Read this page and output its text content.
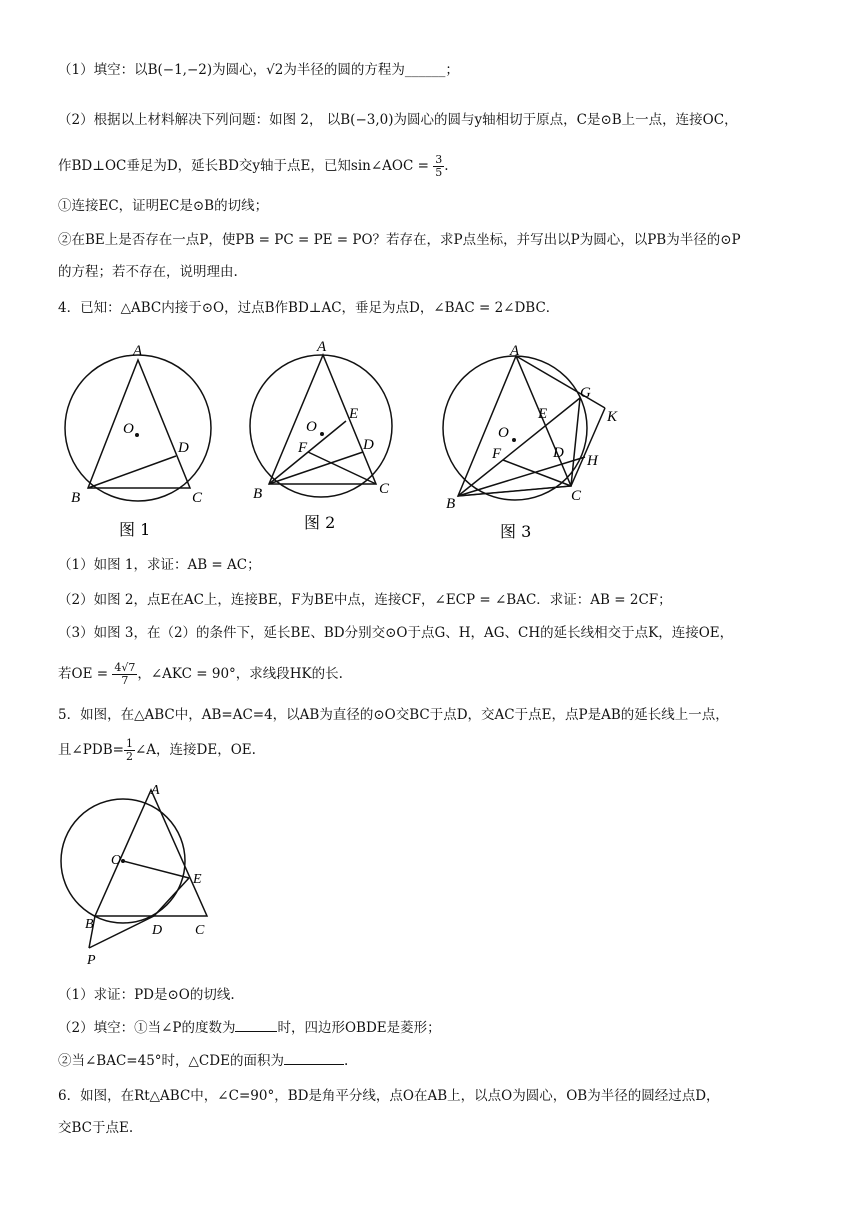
（1）填空：以B(−1,−2)为圆心，√2为半径的圆的方程为______；
（2）根据以上材料解决下列问题：如图 2， 以B(−3,0)为圆心的圆与y轴相切于原点，C是⊙B上一点，连接OC，
作BD⊥OC垂足为D，延长BD交y轴于点E，已知sin∠AOC = $\frac{3}{5}$ .
①连接EC，证明EC是⊙B的切线；
②在BE上是否存在一点P，使PB = PC = PE = PO？若存在，求P点坐标，并写出以P为圆心，以PB为半径的⊙P
的方程；若不存在，说明理由.
4．已知：△ABC内接于⊙O，过点B作BD⊥AC，垂足为点D，∠BAC = 2∠DBC．
A
O
D
B	C
图 1
A
E
O
F	D
B	C
图 2
A
G
K
E
O
F	D H
B	C
图 3
（1）如图 1，求证：AB = AC；
（2）如图 2，点E在AC上，连接BE，F为BE中点，连接CF，∠ECP = ∠BAC．求证：AB = 2CF；
（3）如图 3，在（2）的条件下，延长BE、BD分别交⊙O于点G、H，AG、CH的延长线相交于点K，连接OE，
若OE = $\frac{4√7}{7}$ ，∠AKC = 90°，求线段HK的长.
5．如图，在△ABC中，AB=AC=4，以AB为直径的⊙O交BC于点D，交AC于点E，点P是AB的延长线上一点，
且∠PDB= $\frac{1}{2}$ ∠A，连接DE，OE.
A
O
E
B	D C
P
（1）求证：PD是⊙O的切线.
（2）填空：①当∠P的度数为	时，四边形OBDE是菱形；
②当∠BAC=45°时，△CDE的面积为	.
6．如图，在Rt△ABC中，∠C=90°，BD是角平分线，点O在AB上，以点O为圆心，OB为半径的圆经过点D，
交BC于点E.
